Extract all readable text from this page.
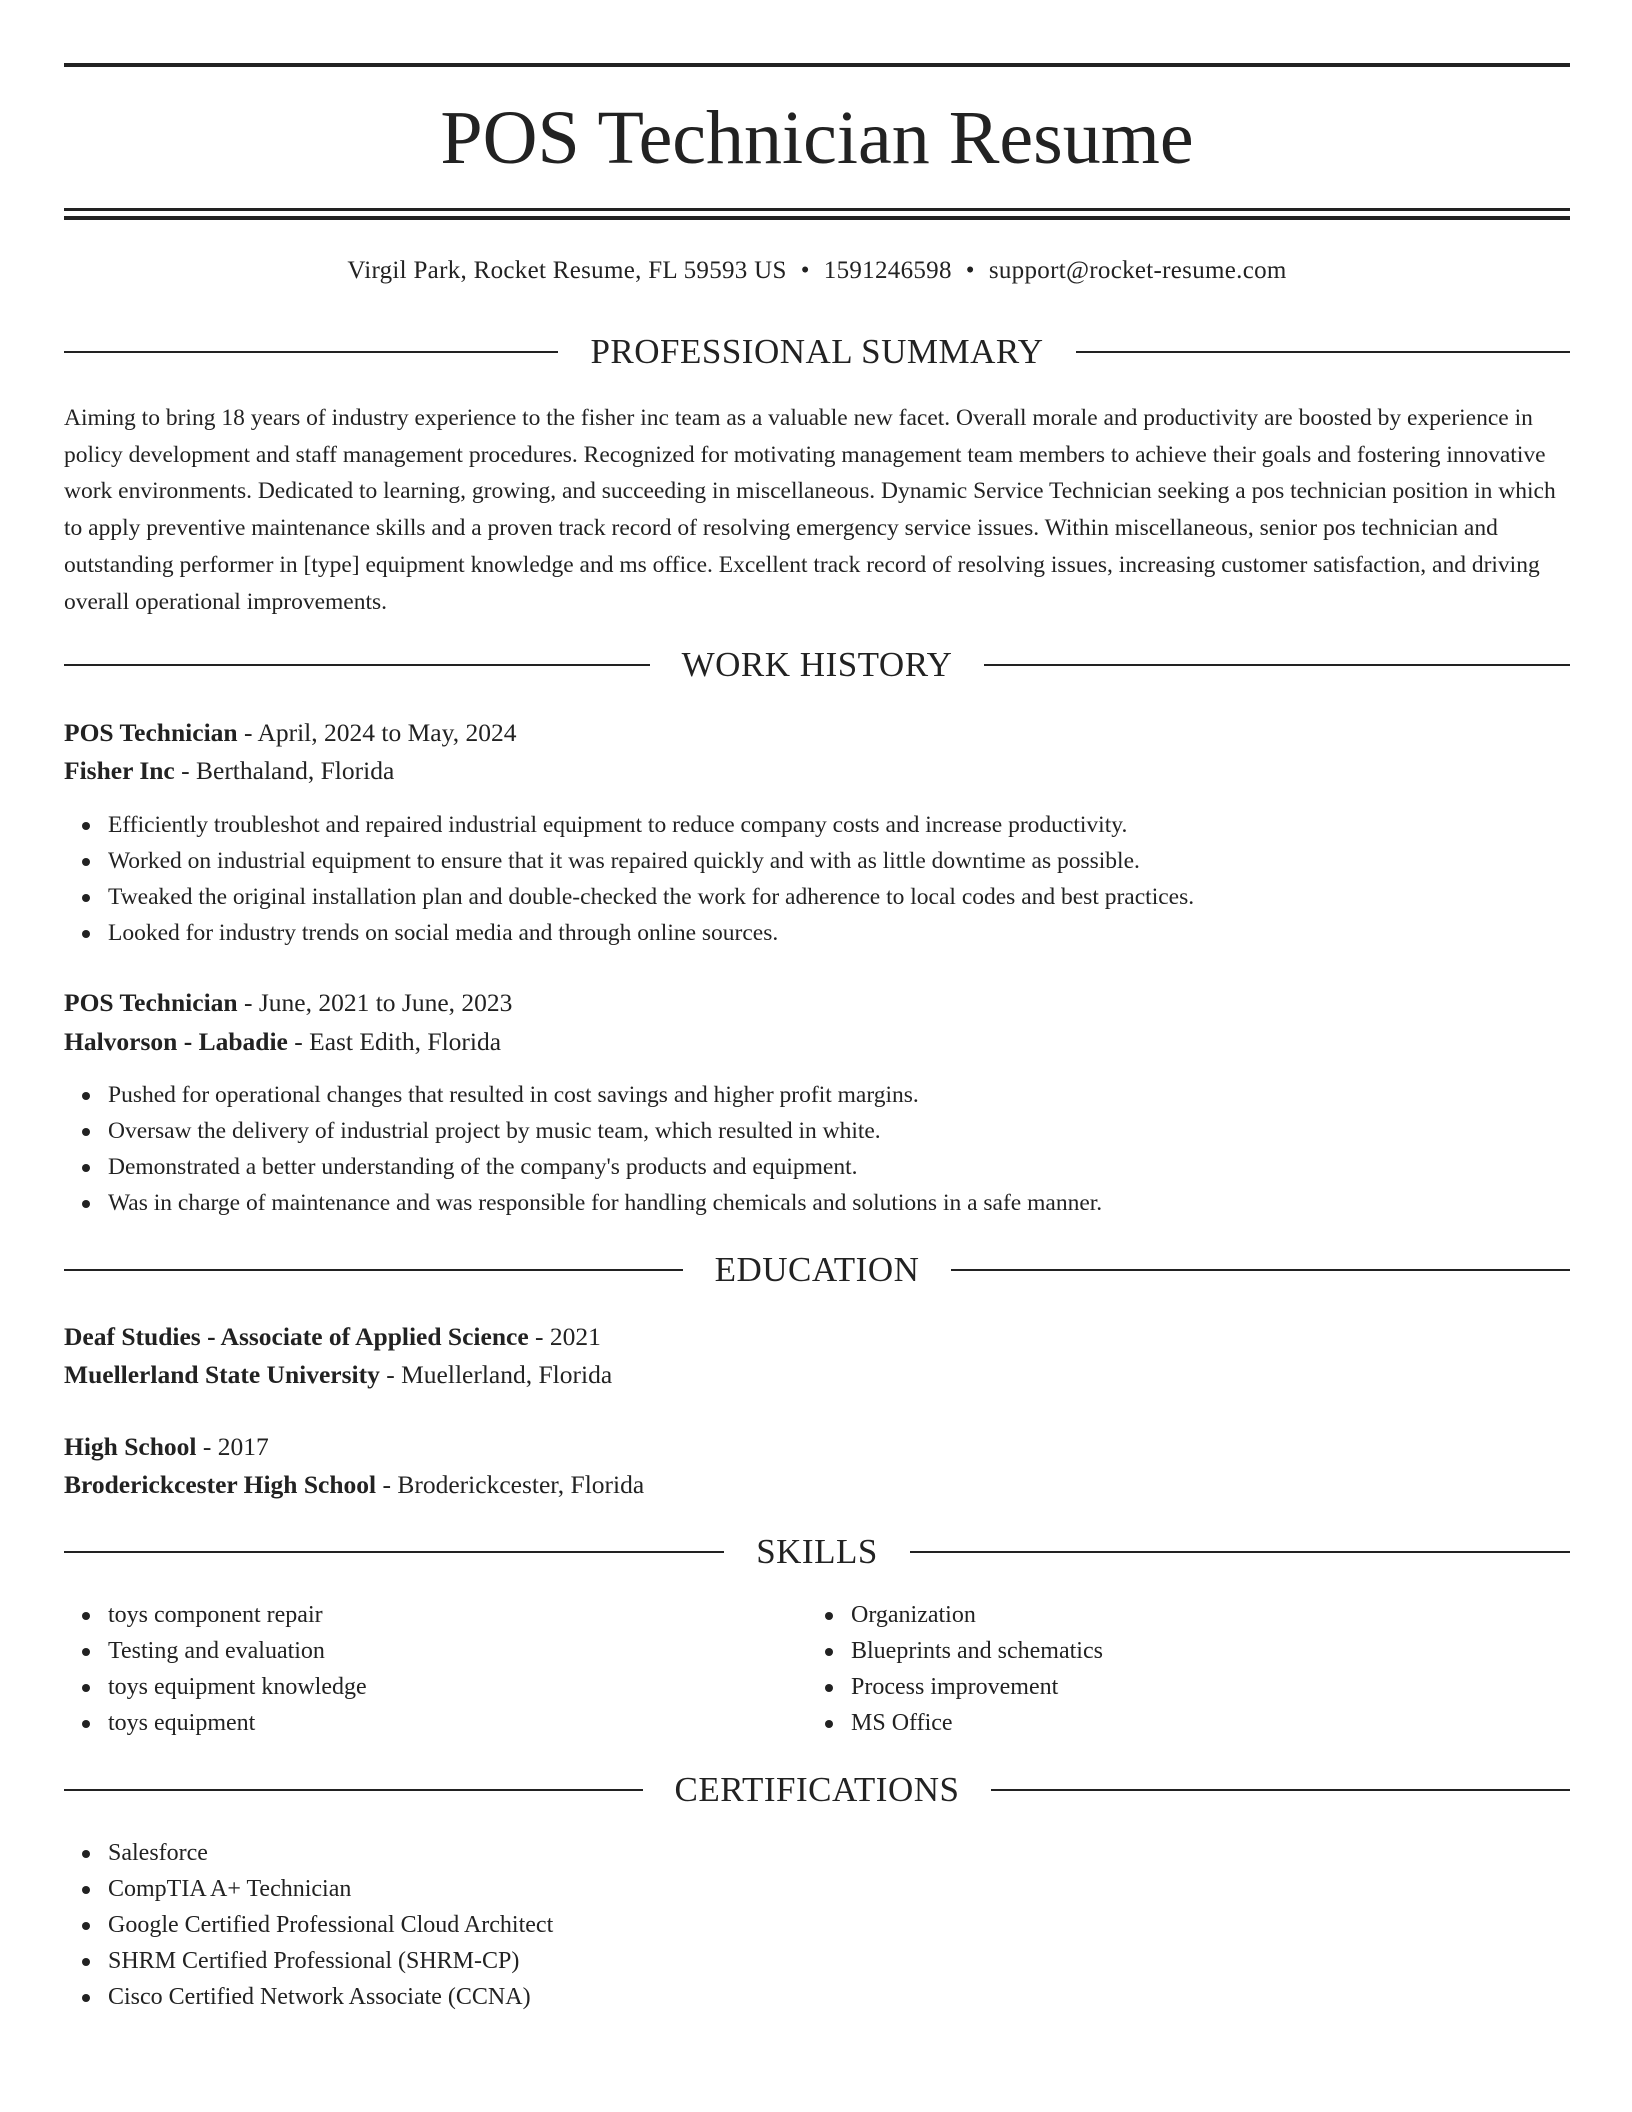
POS Technician Resume
Virgil Park, Rocket Resume, FL 59593 US • 1591246598 • support@rocket-resume.com
PROFESSIONAL SUMMARY

Aiming to bring 18 years of industry experience to the fisher inc team as a valuable new facet. Overall morale and productivity are boosted by experience in policy development and staff management procedures. Recognized for motivating management team members to achieve their goals and fostering innovative work environments. Dedicated to learning, growing, and succeeding in miscellaneous. Dynamic Service Technician seeking a pos technician position in which to apply preventive maintenance skills and a proven track record of resolving emergency service issues. Within miscellaneous, senior pos technician and outstanding performer in [type] equipment knowledge and ms office. Excellent track record of resolving issues, increasing customer satisfaction, and driving overall operational improvements.

WORK HISTORY
POS Technician - April, 2024 to May, 2024
Fisher Inc - Berthaland, Florida
Efficiently troubleshot and repaired industrial equipment to reduce company costs and increase productivity.
Worked on industrial equipment to ensure that it was repaired quickly and with as little downtime as possible.
Tweaked the original installation plan and double-checked the work for adherence to local codes and best practices.
Looked for industry trends on social media and through online sources.
POS Technician - June, 2021 to June, 2023
Halvorson - Labadie - East Edith, Florida
Pushed for operational changes that resulted in cost savings and higher profit margins.
Oversaw the delivery of industrial project by music team, which resulted in white.
Demonstrated a better understanding of the company's products and equipment.
Was in charge of maintenance and was responsible for handling chemicals and solutions in a safe manner.
EDUCATION
Deaf Studies - Associate of Applied Science - 2021
Muellerland State University - Muellerland, Florida
High School - 2017
Broderickcester High School - Broderickcester, Florida
SKILLS
toys component repair
Testing and evaluation
toys equipment knowledge
toys equipment
Organization
Blueprints and schematics
Process improvement
MS Office
CERTIFICATIONS
Salesforce
CompTIA A+ Technician
Google Certified Professional Cloud Architect
SHRM Certified Professional (SHRM-CP)
Cisco Certified Network Associate (CCNA)
